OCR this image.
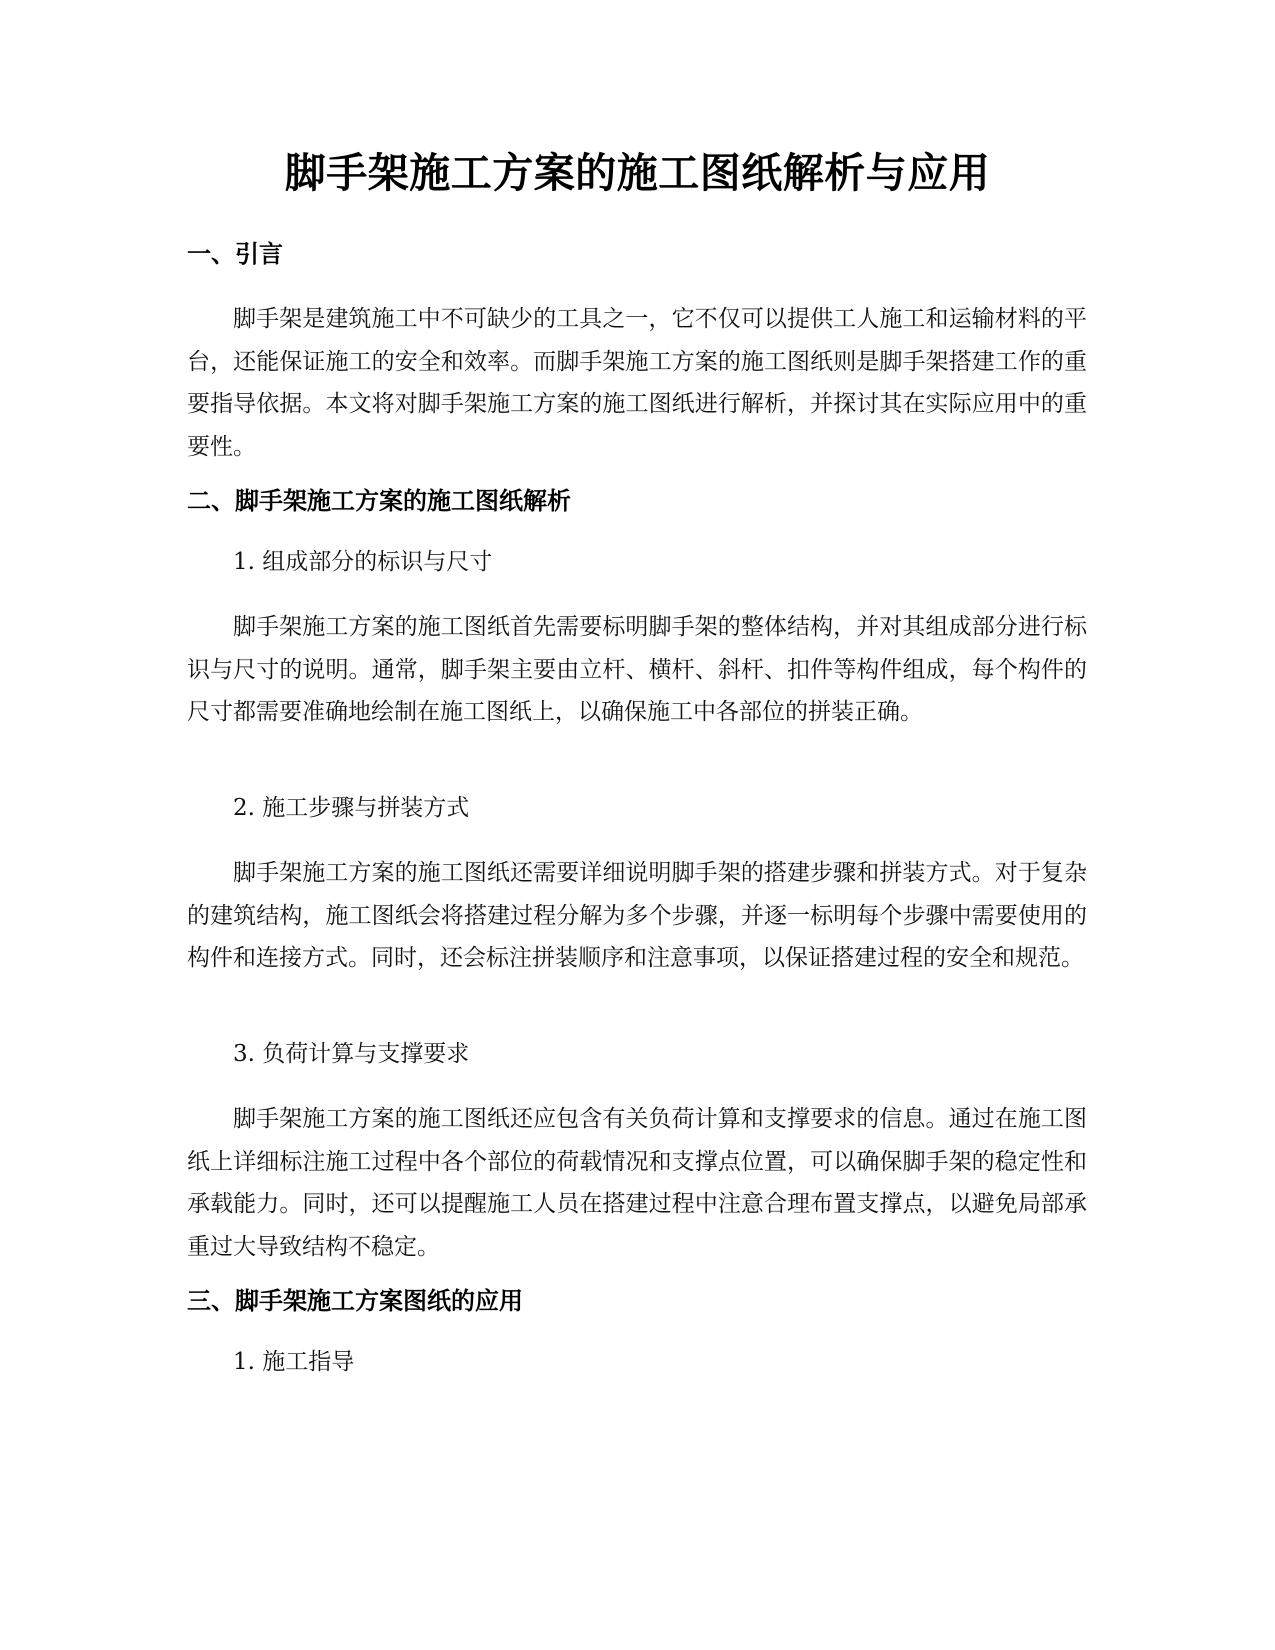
脚手架施工方案的施工图纸解析与应用
一、引言

脚手架是建筑施工中不可缺少的工具之一，它不仅可以提供工人施工和运输材料的平台，还能保证施工的安全和效率。而脚手架施工方案的施工图纸则是脚手架搭建工作的重要指导依据。本文将对脚手架施工方案的施工图纸进行解析，并探讨其在实际应用中的重要性。

二、脚手架施工方案的施工图纸解析

1. 组成部分的标识与尺寸

脚手架施工方案的施工图纸首先需要标明脚手架的整体结构，并对其组成部分进行标识与尺寸的说明。通常，脚手架主要由立杆、横杆、斜杆、扣件等构件组成，每个构件的尺寸都需要准确地绘制在施工图纸上，以确保施工中各部位的拼装正确。

2. 施工步骤与拼装方式

脚手架施工方案的施工图纸还需要详细说明脚手架的搭建步骤和拼装方式。对于复杂的建筑结构，施工图纸会将搭建过程分解为多个步骤，并逐一标明每个步骤中需要使用的构件和连接方式。同时，还会标注拼装顺序和注意事项，以保证搭建过程的安全和规范。

3. 负荷计算与支撑要求

脚手架施工方案的施工图纸还应包含有关负荷计算和支撑要求的信息。通过在施工图纸上详细标注施工过程中各个部位的荷载情况和支撑点位置，可以确保脚手架的稳定性和承载能力。同时，还可以提醒施工人员在搭建过程中注意合理布置支撑点，以避免局部承重过大导致结构不稳定。

三、脚手架施工方案图纸的应用

1. 施工指导
